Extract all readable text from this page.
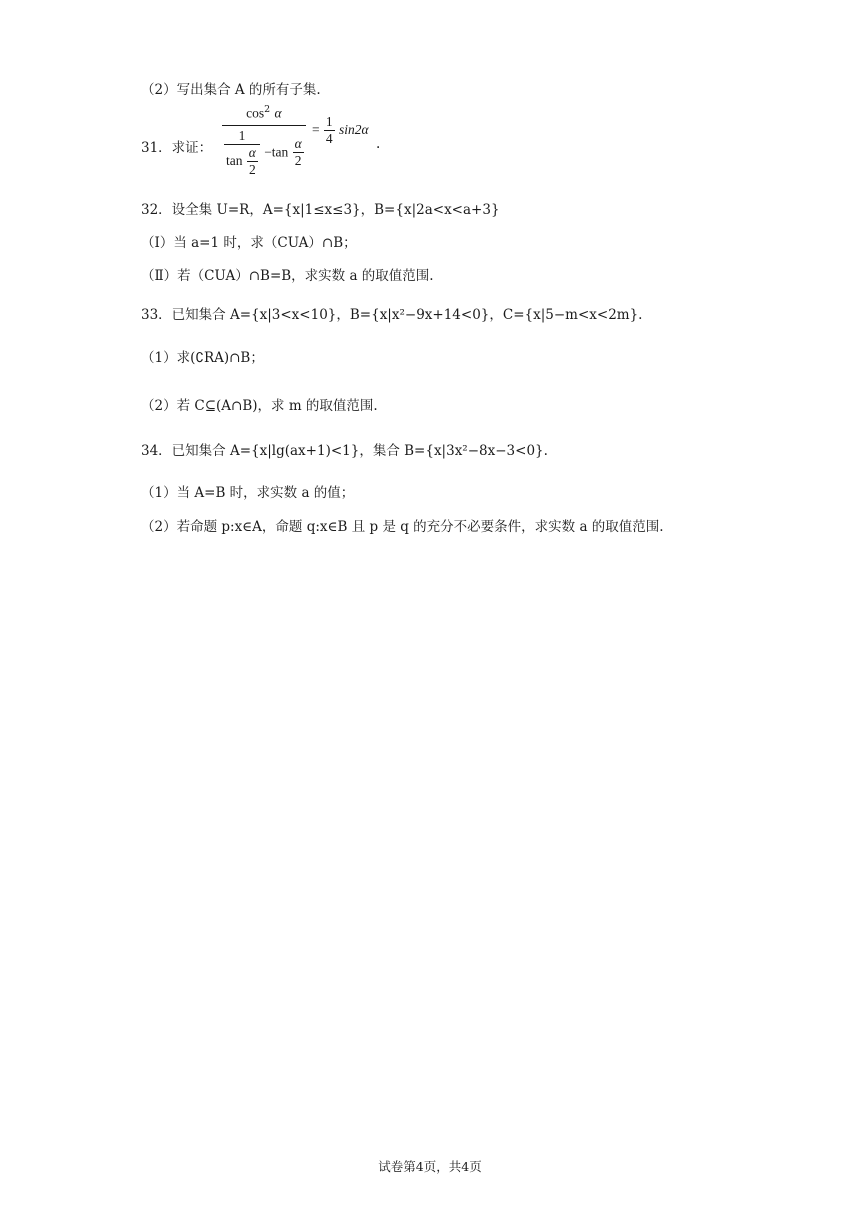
（2）写出集合 A 的所有子集.
31．求证：
$\cos^2 \alpha$
$\frac{1}{\tan \frac{\alpha}{2}} -\tan \frac{\alpha}{2}$
= $\frac{1}{4} \sin 2\alpha$
.
32．设全集 U=R，A={x|1≤x≤3}，B={x|2a<x<a+3}
（Ⅰ）当 a=1 时，求（CUA）∩B；
（Ⅱ）若（CUA）∩B=B，求实数 a 的取值范围.
33．已知集合 A={x|3<x<10}，B={x|x²−9x+14<0}，C={x|5−m<x<2m}.
（1）求(∁RA)∩B；
（2）若 C⊆(A∩B)，求 m 的取值范围.
34．已知集合 A={x|lg(ax+1)<1}，集合 B={x|3x²−8x−3<0}.
（1）当 A=B 时，求实数 a 的值；
（2）若命题 p:x∈A，命题 q:x∈B 且 p 是 q 的充分不必要条件，求实数 a 的取值范围.
试卷第4页，共4页
